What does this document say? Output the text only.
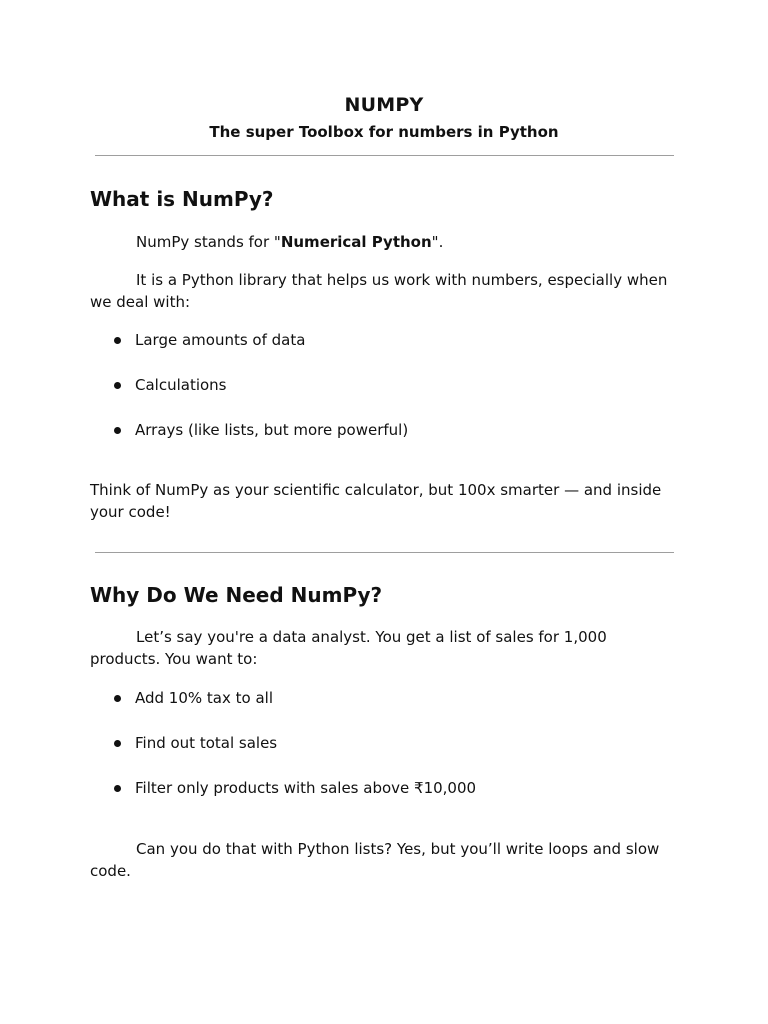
NUMPY
The super Toolbox for numbers in Python
What is NumPy?
NumPy stands for "Numerical Python".
It is a Python library that helps us work with numbers, especially when we deal with:
Large amounts of data
Calculations
Arrays (like lists, but more powerful)
Think of NumPy as your scientific calculator, but 100x smarter — and inside your code!
Why Do We Need NumPy?
Let’s say you're a data analyst. You get a list of sales for 1,000 products. You want to:
Add 10% tax to all
Find out total sales
Filter only products with sales above ₹10,000
Can you do that with Python lists? Yes, but you’ll write loops and slow code.
